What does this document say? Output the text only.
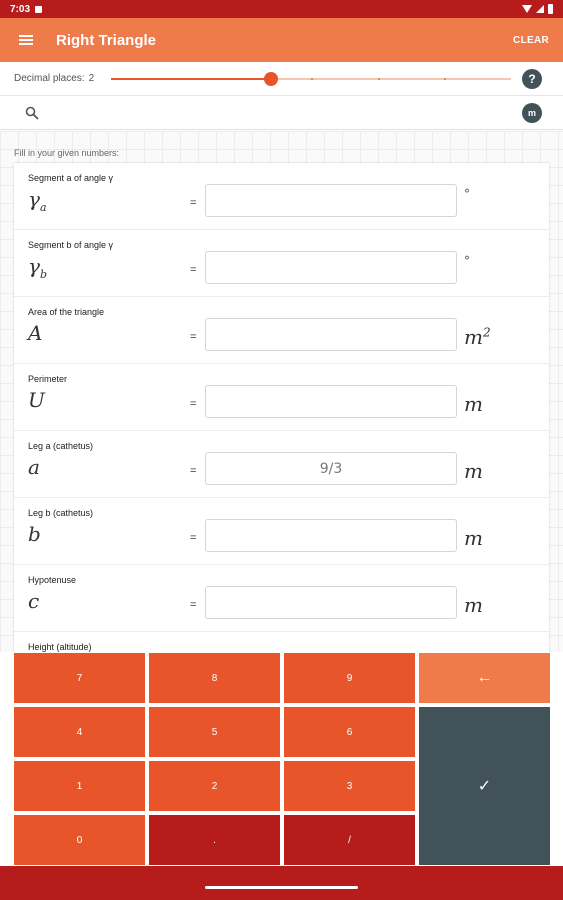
7:03
Right Triangle	CLEAR
Decimal places: 2	?
m
Fill in your given numbers:
Segment a of angle γ
$\gamma_a$	=
°
Segment b of angle γ
$\gamma_b$	=
°
Area of the triangle
A	=	$m^2$
Perimeter
U	=	m
Leg a (cathetus)
a	=	9/3	m
Leg b (cathetus)
b	=	m
Hypotenuse
c	=	m
Height (altitude)
7	8	9
4	5	6
1	2	3
0	.	/
←
✓
